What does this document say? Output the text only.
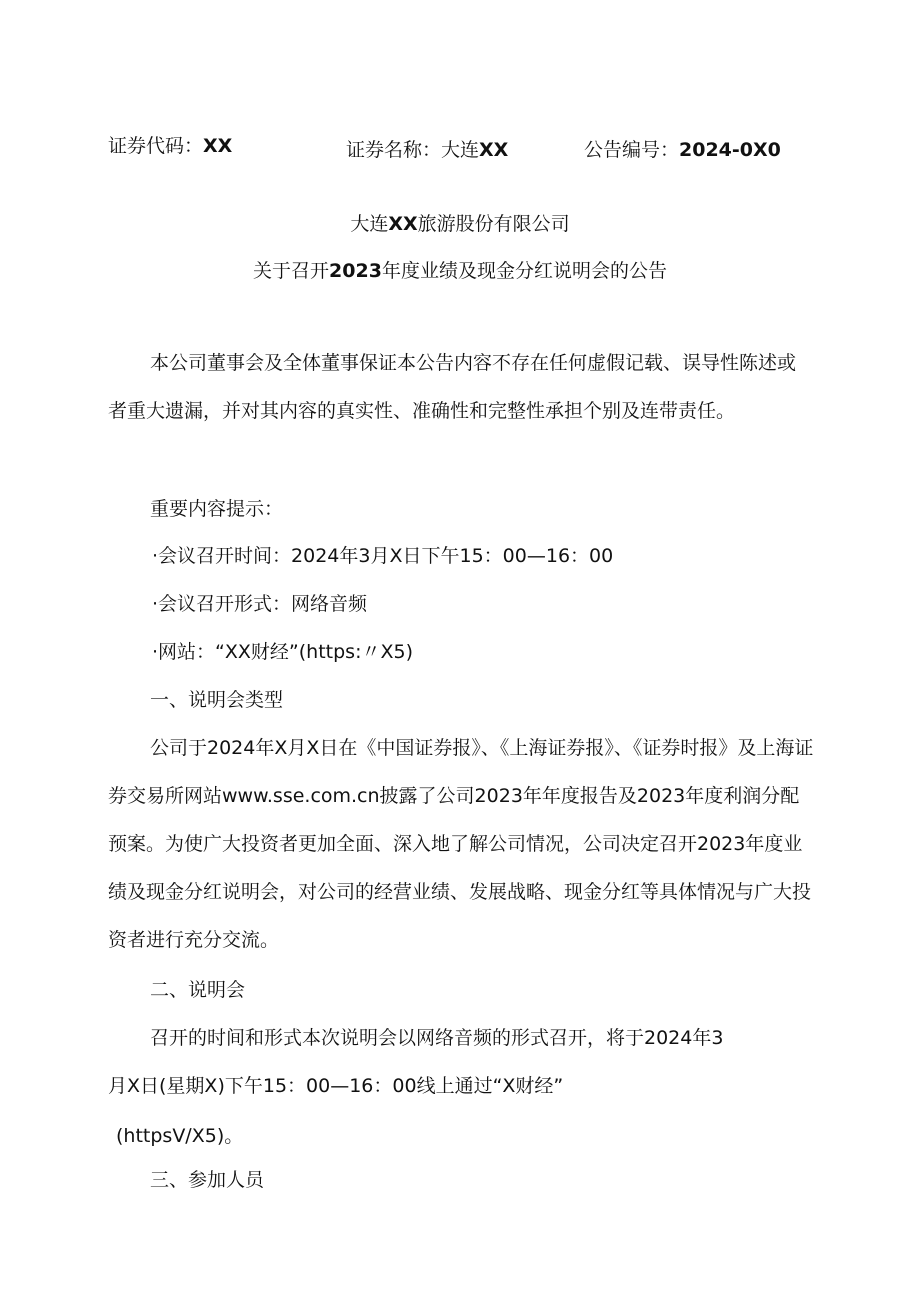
证券代码：XX	证券名称：大连XX	公告编号：2024-0X0
大连XX旅游股份有限公司
关于召开2023年度业绩及现金分红说明会的公告
本公司董事会及全体董事保证本公告内容不存在任何虚假记载、误导性陈述或者重大遗漏，并对其内容的真实性、准确性和完整性承担个别及连带责任。
重要内容提示：
·会议召开时间：2024年3月X日下午15：00—16：00
·会议召开形式：网络音频
·网站：“XX财经”(https:〃X5)
一、说明会类型
公司于2024年X月X日在《中国证券报》、《上海证券报》、《证券时报》及上海证券交易所网站www.sse.com.cn披露了公司2023年年度报告及2023年度利润分配预案。为使广大投资者更加全面、深入地了解公司情况，公司决定召开2023年度业绩及现金分红说明会，对公司的经营业绩、发展战略、现金分红等具体情况与广大投资者进行充分交流。
二、说明会
召开的时间和形式本次说明会以网络音频的形式召开，将于2024年3
月X日(星期X)下午15：00—16：00线上通过“X财经”
(httpsV∕X5)。
三、参加人员
